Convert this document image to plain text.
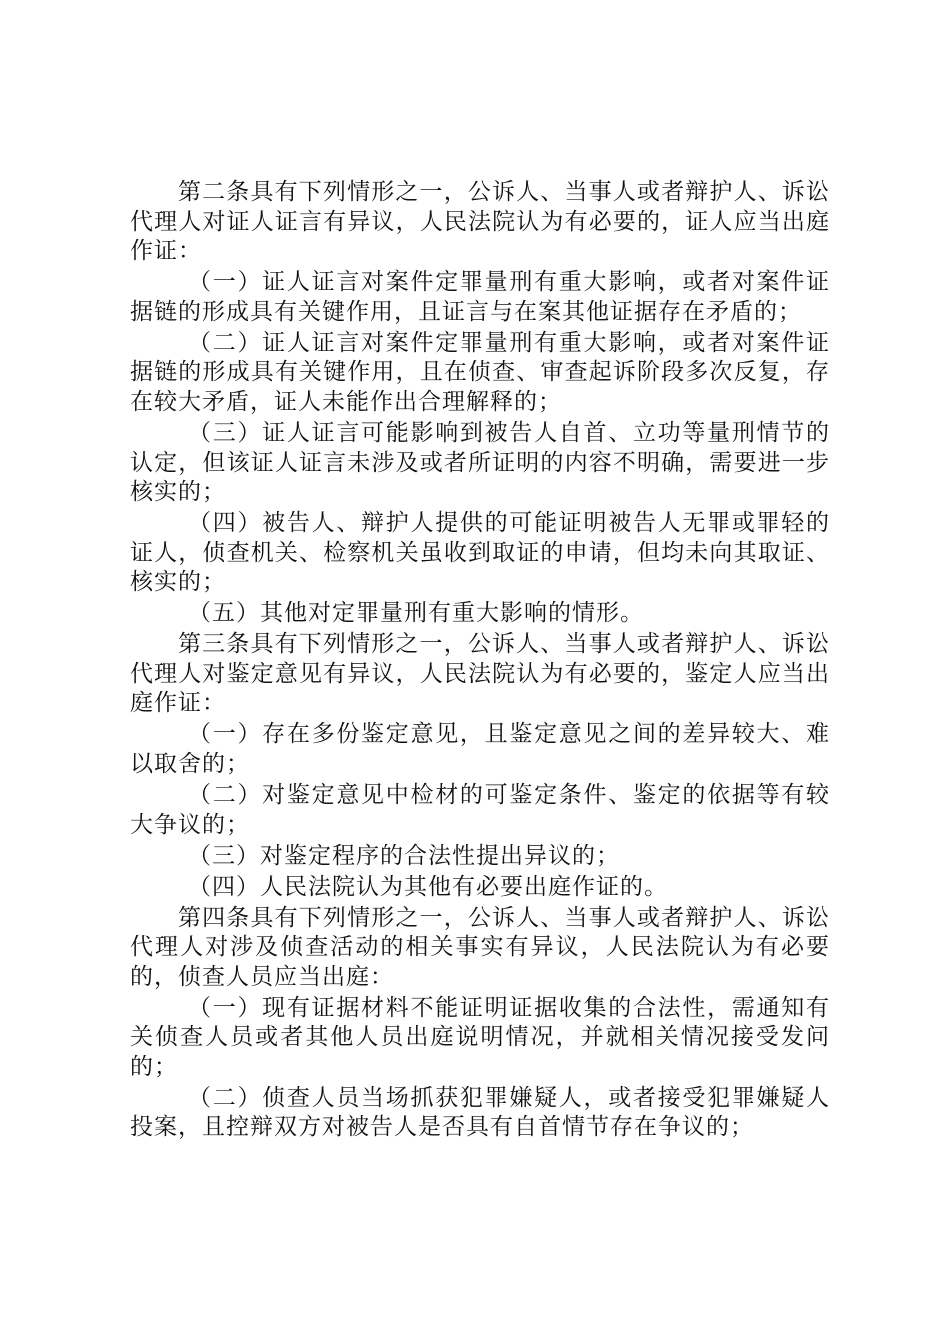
第二条具有下列情形之一，公诉人、当事人或者辩护人、诉讼代理人对证人证言有异议，人民法院认为有必要的，证人应当出庭作证：

（一）证人证言对案件定罪量刑有重大影响，或者对案件证据链的形成具有关键作用，且证言与在案其他证据存在矛盾的；

（二）证人证言对案件定罪量刑有重大影响，或者对案件证据链的形成具有关键作用，且在侦查、审查起诉阶段多次反复，存在较大矛盾，证人未能作出合理解释的；

（三）证人证言可能影响到被告人自首、立功等量刑情节的认定，但该证人证言未涉及或者所证明的内容不明确，需要进一步核实的；

（四）被告人、辩护人提供的可能证明被告人无罪或罪轻的证人，侦查机关、检察机关虽收到取证的申请，但均未向其取证、核实的；

（五）其他对定罪量刑有重大影响的情形。

第三条具有下列情形之一，公诉人、当事人或者辩护人、诉讼代理人对鉴定意见有异议，人民法院认为有必要的，鉴定人应当出庭作证：

（一）存在多份鉴定意见，且鉴定意见之间的差异较大、难以取舍的；

（二）对鉴定意见中检材的可鉴定条件、鉴定的依据等有较大争议的；

（三）对鉴定程序的合法性提出异议的；

（四）人民法院认为其他有必要出庭作证的。

第四条具有下列情形之一，公诉人、当事人或者辩护人、诉讼代理人对涉及侦查活动的相关事实有异议，人民法院认为有必要的，侦查人员应当出庭：

（一）现有证据材料不能证明证据收集的合法性，需通知有关侦查人员或者其他人员出庭说明情况，并就相关情况接受发问的；

（二）侦查人员当场抓获犯罪嫌疑人，或者接受犯罪嫌疑人投案，且控辩双方对被告人是否具有自首情节存在争议的；
